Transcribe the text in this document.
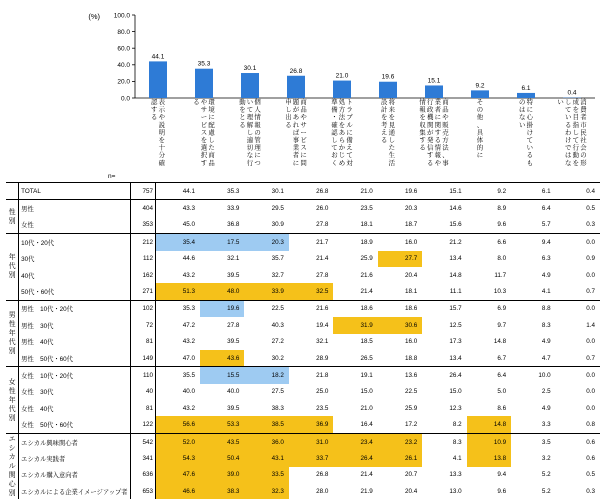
(%)
0.0
20.0
40.0
60.0
80.0
100.0
44.1
35.3
30.1	26.8
21.0	19.6
15.1
9.2	6.1
0.4
表
示
や
説
明
を
十
分
確
認
す
る
環
境
に
配
慮
し
た
商
品
や
サ
ー
ビ
ス
を
選
択
す
る	個
人
情
報
の
管
理
に
つ
い
て
理
解
し
適
切
な
行
動
を
と
る
商
品
や
サ
ー
ビ
ス
に
問
題
が
あ
れ
ば
事
業
者
に
申
し
出
る
ト
ラ
ブ
ル
に
備
え
て
対
処
方
法
を
あ
ら
か
じ
め
準
備
・
確
認
し
て
お
く
将
来
を
見
通
し
た
生
活
設
計
を
考
え
る
商
品
や
販
売
方
法
、
事
業
者
に
関
す
る
情
報
や
行
政
機
関
が
発
信
す
る
情
報
を
収
集
す
る
そ
の
他
、
具
体
的
に
特
に
心
掛
け
て
い
る
も
の
は
な
い
消
費
者
市
民
社
会
の
形
成
を
目
指
し
て
行
動
を
し
て
い
る
わ
け
で
は
な
い
n=
	TOTAL	757	44.1	35.3	30.1	26.8	21.0	19.6	15.1	9.2	6.1	0.4
性別	男性	404	43.3	33.9	29.5	26.0	23.5	20.3	14.6	8.9	6.4	0.5
	女性	353	45.0	36.8	30.9	27.8	18.1	18.7	15.6	9.6	5.7	0.3
年代別	10代・20代	212	35.4	17.5	20.3	21.7	18.9	16.0	21.2	6.6	9.4	0.0
	30代	112	44.6	32.1	35.7	21.4	25.9	27.7	13.4	8.0	6.3	0.9
	40代	162	43.2	39.5	32.7	27.8	21.6	20.4	14.8	11.7	4.9	0.0
	50代・60代	271	51.3	48.0	33.9	32.5	21.4	18.1	11.1	10.3	4.1	0.7
男性年代別	男性　10代・20代	102	35.3	19.6	22.5	21.6	18.6	18.6	15.7	6.9	8.8	0.0
	男性　30代	72	47.2	27.8	40.3	19.4	31.9	30.6	12.5	9.7	8.3	1.4
	男性　40代	81	43.2	39.5	27.2	32.1	18.5	16.0	17.3	14.8	4.9	0.0
	男性　50代・60代	149	47.0	43.6	30.2	28.9	26.5	18.8	13.4	6.7	4.7	0.7
女性年代別	女性　10代・20代	110	35.5	15.5	18.2	21.8	19.1	13.6	26.4	6.4	10.0	0.0
	女性　30代	40	40.0	40.0	27.5	25.0	15.0	22.5	15.0	5.0	2.5	0.0
	女性　40代	81	43.2	39.5	38.3	23.5	21.0	25.9	12.3	8.6	4.9	0.0
	女性　50代・60代	122	56.6	53.3	38.5	36.9	16.4	17.2	8.2	14.8	3.3	0.8
エシカル関心別	エシカル興味関心者	542	52.0	43.5	36.0	31.0	23.4	23.2	8.3	10.9	3.5	0.6
	エシカル実践者	341	54.3	50.4	43.1	33.7	26.4	26.1	4.1	13.8	3.2	0.6
	エシカル購入意向者	636	47.6	39.0	33.5	26.8	21.4	20.7	13.3	9.4	5.2	0.5
	エシカルによる企業イメージアップ者	653	46.6	38.3	32.3	28.0	21.9	20.4	13.0	9.6	5.2	0.3
